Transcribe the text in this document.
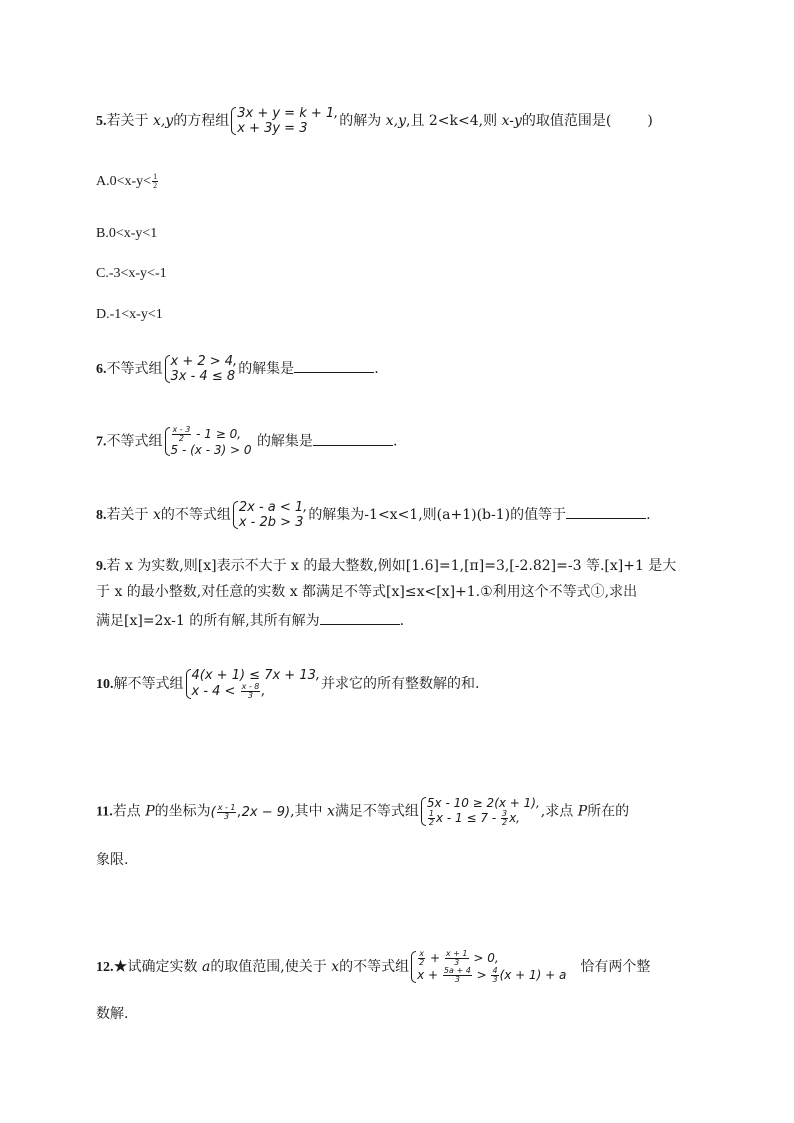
5.若关于 x,y的方程组 3x + y = k + 1,
x + 3y = 3	的解为 x,y,且 2<k<4,则 x-y的取值范围是(	)
$A.0<x-y< \frac{1}{2}$
B.0<x-y<1
C.-3<x-y<-1
D.-1<x-y<1
6.不等式组 x + 2 > 4,
3x - 4 ≤ 8 的解集是	.
7.不等式组 $\frac{x - 3}{2} - 1 \ge 0$,
5 - (x - 3) > 0
的解集是	.
8.若关于 x的不等式组 2x - a < 1,
x - 2b > 3 的解集为-1<x<1,则(a+1)(b-1)的值等于	.
9.若 x 为实数,则[x]表示不大于 x 的最大整数,例如[1.6]=1,[π]=3,[-2.82]=-3 等.[x]+1 是大
于 x 的最小整数,对任意的实数 x 都满足不等式[x]≤x<[x]+1.①利用这个不等式①,求出
满足[x]=2x-1 的所有解,其所有解为	.
10.解不等式组
4(x + 1) ≤ 7x + 13,
$x - 4 < \frac{x - 8}{3}$ ,	并求它的所有整数解的和.
11.若点 P的坐标为( $\frac{x - 1}{3} ,2x - 9$),其中 x满足不等式组
5x - 10 ≥ 2(x + 1),
$\frac{1}{2}$ $x - 1 \le 7 - \frac{3}{2} x$,	,求点 P所在的
象限.
12.★试确定实数 a的取值范围,使关于 x的不等式组 $\frac{x}{2} + \frac{x + 1}{3} > 0$,
$x + \frac{5a + 4}{3} > \frac{4}{3} (x + 1) + a$ 恰有两个整
数解.
